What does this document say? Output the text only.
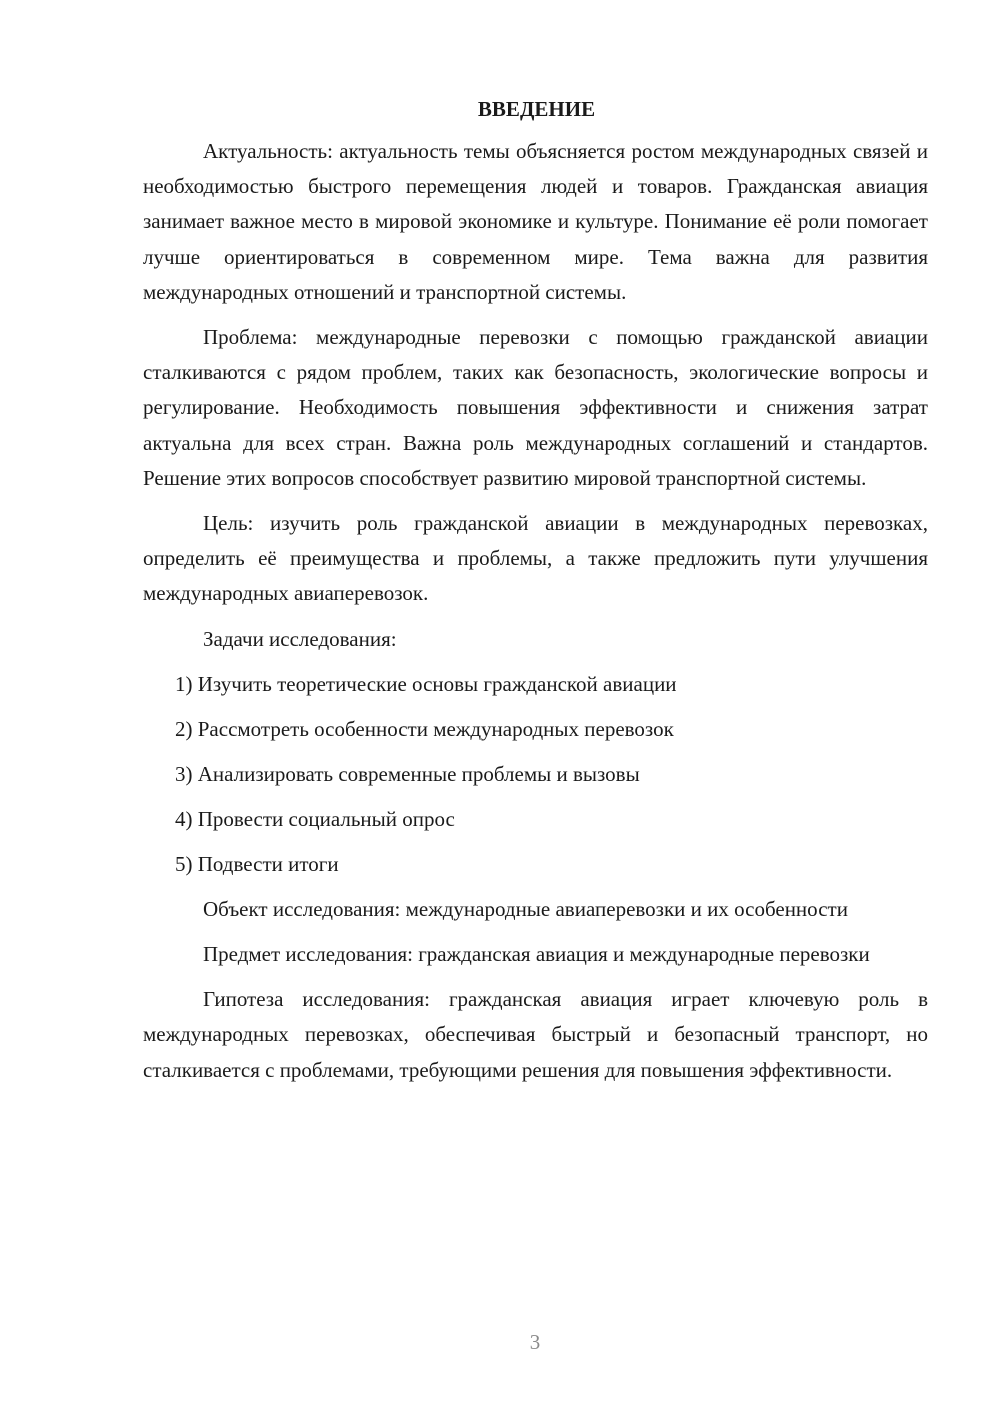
ВВЕДЕНИЕ

Актуальность: актуальность темы объясняется ростом международных связей и необходимостью быстрого перемещения людей и товаров. Гражданская авиация занимает важное место в мировой экономике и культуре. Понимание её роли помогает лучше ориентироваться в современном мире. Тема важна для развития международных отношений и транспортной системы.

Проблема: международные перевозки с помощью гражданской авиации сталкиваются с рядом проблем, таких как безопасность, экологические вопросы и регулирование. Необходимость повышения эффективности и снижения затрат актуальна для всех стран. Важна роль международных соглашений и стандартов. Решение этих вопросов способствует развитию мировой транспортной системы.

Цель: изучить роль гражданской авиации в международных перевозках, определить её преимущества и проблемы, а также предложить пути улучшения международных авиаперевозок.

Задачи исследования:

1) Изучить теоретические основы гражданской авиации
2) Рассмотреть особенности международных перевозок
3) Анализировать современные проблемы и вызовы
4) Провести социальный опрос
5) Подвести итоги

Объект исследования: международные авиаперевозки и их особенности

Предмет исследования: гражданская авиация и международные перевозки

Гипотеза исследования: гражданская авиация играет ключевую роль в международных перевозках, обеспечивая быстрый и безопасный транспорт, но сталкивается с проблемами, требующими решения для повышения эффективности.

3
